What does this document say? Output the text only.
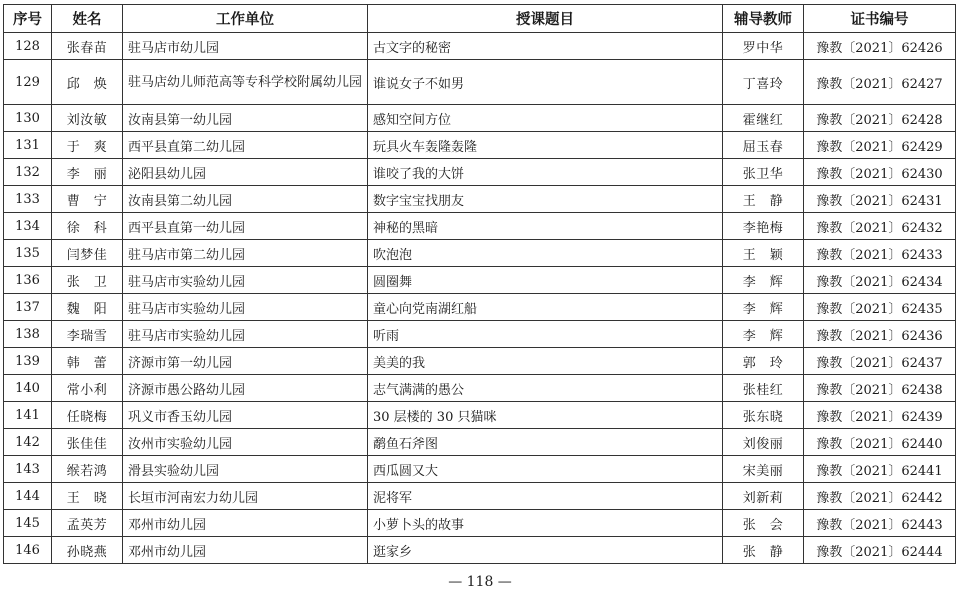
序号	姓名	工作单位	授课题目	辅导教师	证书编号
128	张春苗	驻马店市幼儿园	古文字的秘密	罗中华	豫教〔2021〕62426
129	邱　焕	驻马店幼儿师范高等专科学校附属幼儿园	谁说女子不如男	丁喜玲	豫教〔2021〕62427
130	刘汝敏	汝南县第一幼儿园	感知空间方位	霍继红	豫教〔2021〕62428
131	于　爽	西平县直第二幼儿园	玩具火车轰隆轰隆	屈玉春	豫教〔2021〕62429
132	李　丽	泌阳县幼儿园	谁咬了我的大饼	张卫华	豫教〔2021〕62430
133	曹　宁	汝南县第二幼儿园	数字宝宝找朋友	王　静	豫教〔2021〕62431
134	徐　科	西平县直第一幼儿园	神秘的黑暗	李艳梅	豫教〔2021〕62432
135	闫梦佳	驻马店市第二幼儿园	吹泡泡	王　颖	豫教〔2021〕62433
136	张　卫	驻马店市实验幼儿园	圆圈舞	李　辉	豫教〔2021〕62434
137	魏　阳	驻马店市实验幼儿园	童心向党南湖红船	李　辉	豫教〔2021〕62435
138	李瑞雪	驻马店市实验幼儿园	听雨	李　辉	豫教〔2021〕62436
139	韩　蕾	济源市第一幼儿园	美美的我	郭　玲	豫教〔2021〕62437
140	常小利	济源市愚公路幼儿园	志气满满的愚公	张桂红	豫教〔2021〕62438
141	任晓梅	巩义市香玉幼儿园	30 层楼的 30 只猫咪	张东晓	豫教〔2021〕62439
142	张佳佳	汝州市实验幼儿园	鹬鱼石斧图	刘俊丽	豫教〔2021〕62440
143	缑若鸿	滑县实验幼儿园	西瓜圆又大	宋美丽	豫教〔2021〕62441
144	王　晓	长垣市河南宏力幼儿园	泥将军	刘新莉	豫教〔2021〕62442
145	孟英芳	邓州市幼儿园	小萝卜头的故事	张　会	豫教〔2021〕62443
146	孙晓燕	邓州市幼儿园	逛家乡	张　静	豫教〔2021〕62444
— 118 —
